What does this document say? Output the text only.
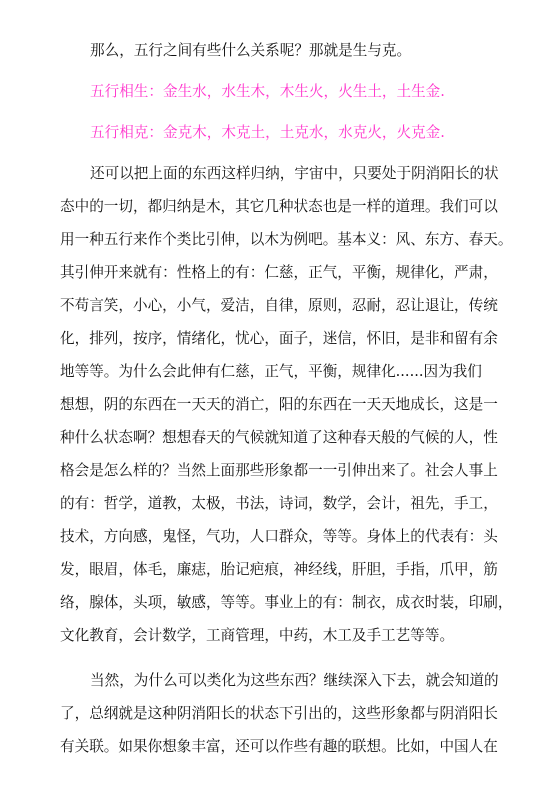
那么，五行之间有些什么关系呢？那就是生与克。
五行相生：金生水，水生木，木生火，火生土，土生金.
五行相克：金克木，木克土，土克水，水克火，火克金.
还可以把上面的东西这样归纳，宇宙中，只要处于阴消阳长的状
态中的一切，都归纳是木，其它几种状态也是一样的道理。我们可以
用一种五行来作个类比引伸，以木为例吧。基本义：风、东方、春天。
其引伸开来就有：性格上的有：仁慈，正气，平衡，规律化，严肃，
不苟言笑，小心，小气，爱洁，自律，原则，忍耐，忍让退让，传统
化，排列，按序，情绪化，忧心，面子，迷信，怀旧，是非和留有余
地等等。为什么会此伸有仁慈，正气，平衡，规律化......因为我们
想想，阴的东西在一天天的消亡，阳的东西在一天天地成长，这是一
种什么状态啊？想想春天的气候就知道了这种春天般的气候的人，性
格会是怎么样的？当然上面那些形象都一一引伸出来了。社会人事上
的有：哲学，道教，太极，书法，诗词，数学，会计，祖先，手工，
技术，方向感，鬼怪，气功，人口群众，等等。身体上的代表有：头
发，眼眉，体毛，廉痣，胎记疤痕，神经线，肝胆，手指，爪甲，筋
络，腺体，头项，敏感，等等。事业上的有：制衣，成衣时装，印刷，
文化教育，会计数学，工商管理，中药，木工及手工艺等等。
当然，为什么可以类化为这些东西？继续深入下去，就会知道的
了，总纲就是这种阴消阳长的状态下引出的，这些形象都与阴消阳长
有关联。如果你想象丰富，还可以作些有趣的联想。比如，中国人在
